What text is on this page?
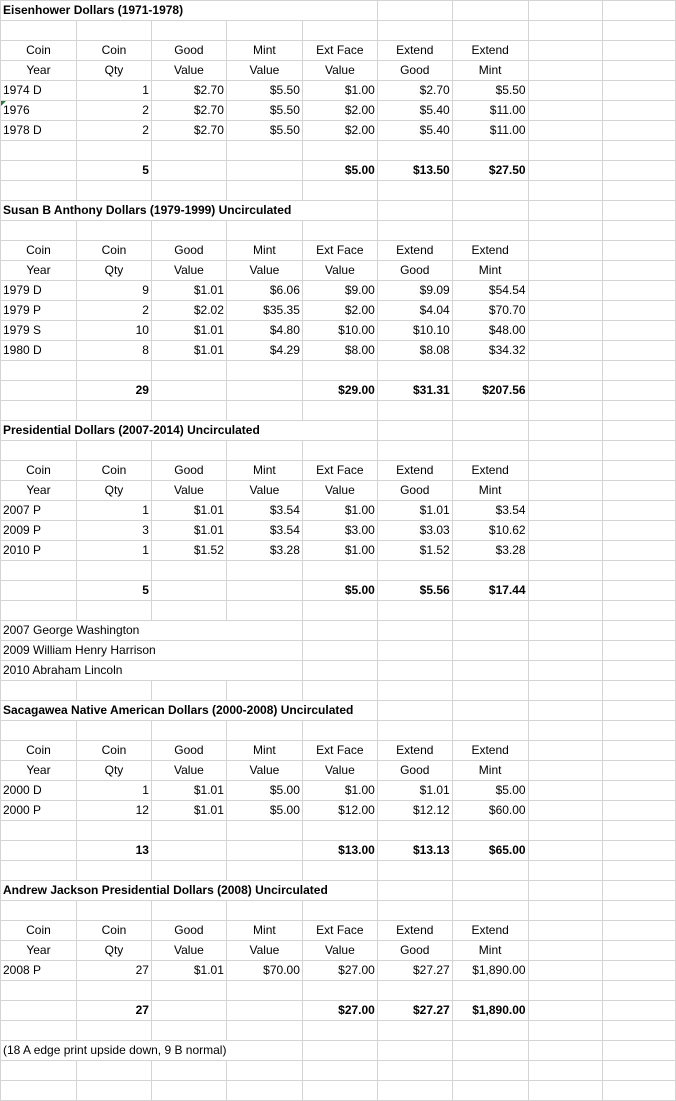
Eisenhower Dollars (1971-1978)								

Coin	Coin	Good	Mint	Ext Face	Extend	Extend		
Year	Qty	Value	Value	Value	Good	Mint		
1974 D	1	$2.70	$5.50	$1.00	$2.70	$5.50		
1976	2	$2.70	$5.50	$2.00	$5.40	$11.00		
1978 D	2	$2.70	$5.50	$2.00	$5.40	$11.00		

	5			$5.00	$13.50	$27.50		

Susan B Anthony Dollars (1979-1999) Uncirculated								

Coin	Coin	Good	Mint	Ext Face	Extend	Extend		
Year	Qty	Value	Value	Value	Good	Mint		
1979 D	9	$1.01	$6.06	$9.00	$9.09	$54.54		
1979 P	2	$2.02	$35.35	$2.00	$4.04	$70.70		
1979 S	10	$1.01	$4.80	$10.00	$10.10	$48.00		
1980 D	8	$1.01	$4.29	$8.00	$8.08	$34.32		

	29			$29.00	$31.31	$207.56		

Presidential Dollars (2007-2014) Uncirculated								

Coin	Coin	Good	Mint	Ext Face	Extend	Extend		
Year	Qty	Value	Value	Value	Good	Mint		
2007 P	1	$1.01	$3.54	$1.00	$1.01	$3.54		
2009 P	3	$1.01	$3.54	$3.00	$3.03	$10.62		
2010 P	1	$1.52	$3.28	$1.00	$1.52	$3.28		

	5			$5.00	$5.56	$17.44		

2007 George Washington								
2009 William Henry Harrison								
2010 Abraham Lincoln								

Sacagawea Native American Dollars (2000-2008) Uncirculated								

Coin	Coin	Good	Mint	Ext Face	Extend	Extend		
Year	Qty	Value	Value	Value	Good	Mint		
2000 D	1	$1.01	$5.00	$1.00	$1.01	$5.00		
2000 P	12	$1.01	$5.00	$12.00	$12.12	$60.00		

	13			$13.00	$13.13	$65.00		

Andrew Jackson Presidential Dollars (2008) Uncirculated								

Coin	Coin	Good	Mint	Ext Face	Extend	Extend		
Year	Qty	Value	Value	Value	Good	Mint		
2008 P	27	$1.01	$70.00	$27.00	$27.27	$1,890.00		

	27			$27.00	$27.27	$1,890.00		

(18 A edge print upside down, 9 B normal)								
